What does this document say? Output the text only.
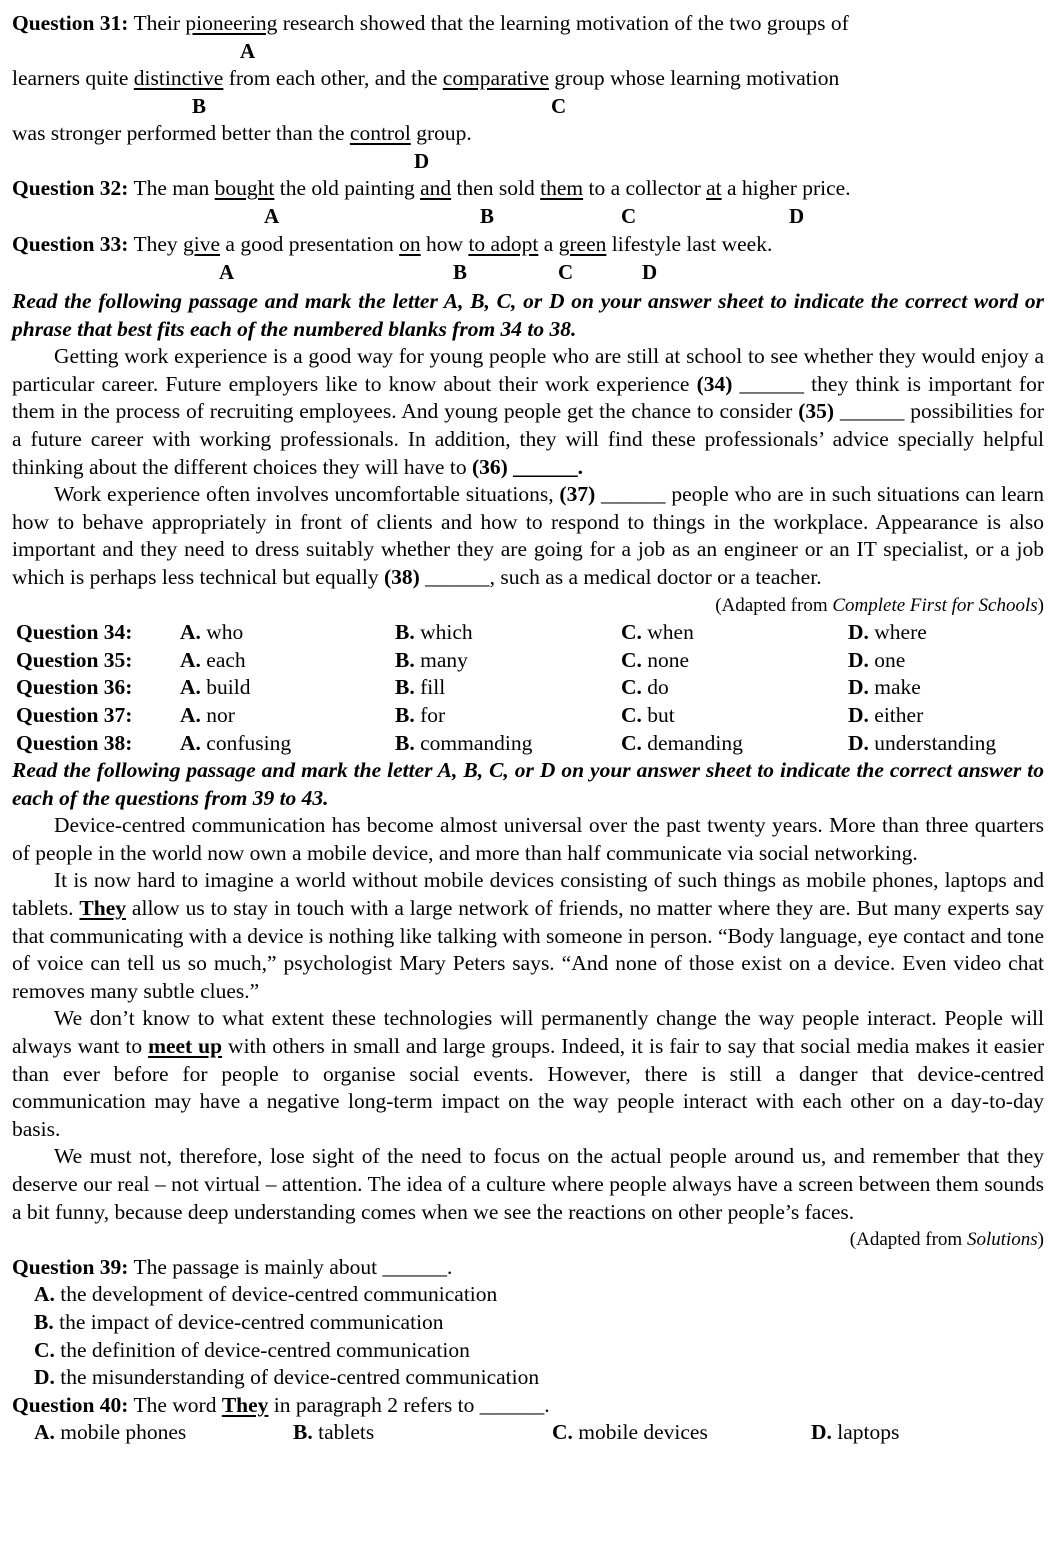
Question 31: Their pioneering research showed that the learning motivation of the two groups of
A
learners quite distinctive from each other, and the comparative group whose learning motivation
B	C
was stronger performed better than the control group.
D
Question 32: The man bought the old painting and then sold them to a collector at a higher price.
A	B	C	D
Question 33: They give a good presentation on how to adopt a green lifestyle last week.
A	B	C	D
Read the following passage and mark the letter A, B, C, or D on your answer sheet to indicate the correct word or phrase that best fits each of the numbered blanks from 34 to 38.
Getting work experience is a good way for young people who are still at school to see whether they would enjoy a particular career. Future employers like to know about their work experience (34) ______ they think is important for them in the process of recruiting employees. And young people get the chance to consider (35) ______ possibilities for a future career with working professionals. In addition, they will find these professionals’ advice specially helpful thinking about the different choices they will have to (36) ______.
Work experience often involves uncomfortable situations, (37) ______ people who are in such situations can learn how to behave appropriately in front of clients and how to respond to things in the workplace. Appearance is also important and they need to dress suitably whether they are going for a job as an engineer or an IT specialist, or a job which is perhaps less technical but equally (38) ______, such as a medical doctor or a teacher.
(Adapted from Complete First for Schools)
Question 34: A. who	B. which	C. when	D. where
Question 35: A. each	B. many	C. none	D. one
Question 36: A. build	B. fill	C. do	D. make
Question 37: A. nor	B. for	C. but	D. either
Question 38: A. confusing	B. commanding	C. demanding	D. understanding
Read the following passage and mark the letter A, B, C, or D on your answer sheet to indicate the correct answer to each of the questions from 39 to 43.
Device-centred communication has become almost universal over the past twenty years. More than three quarters of people in the world now own a mobile device, and more than half communicate via social networking.
It is now hard to imagine a world without mobile devices consisting of such things as mobile phones, laptops and tablets. They allow us to stay in touch with a large network of friends, no matter where they are. But many experts say that communicating with a device is nothing like talking with someone in person. “Body language, eye contact and tone of voice can tell us so much,” psychologist Mary Peters says. “And none of those exist on a device. Even video chat removes many subtle clues.”
We don’t know to what extent these technologies will permanently change the way people interact. People will always want to meet up with others in small and large groups. Indeed, it is fair to say that social media makes it easier than ever before for people to organise social events. However, there is still a danger that device-centred communication may have a negative long-term impact on the way people interact with each other on a day-to-day basis.
We must not, therefore, lose sight of the need to focus on the actual people around us, and remember that they deserve our real – not virtual – attention. The idea of a culture where people always have a screen between them sounds a bit funny, because deep understanding comes when we see the reactions on other people’s faces.
(Adapted from Solutions)
Question 39: The passage is mainly about ______.
A. the development of device-centred communication
B. the impact of device-centred communication
C. the definition of device-centred communication
D. the misunderstanding of device-centred communication
Question 40: The word They in paragraph 2 refers to ______.
A. mobile phones	B. tablets	C. mobile devices	D. laptops
